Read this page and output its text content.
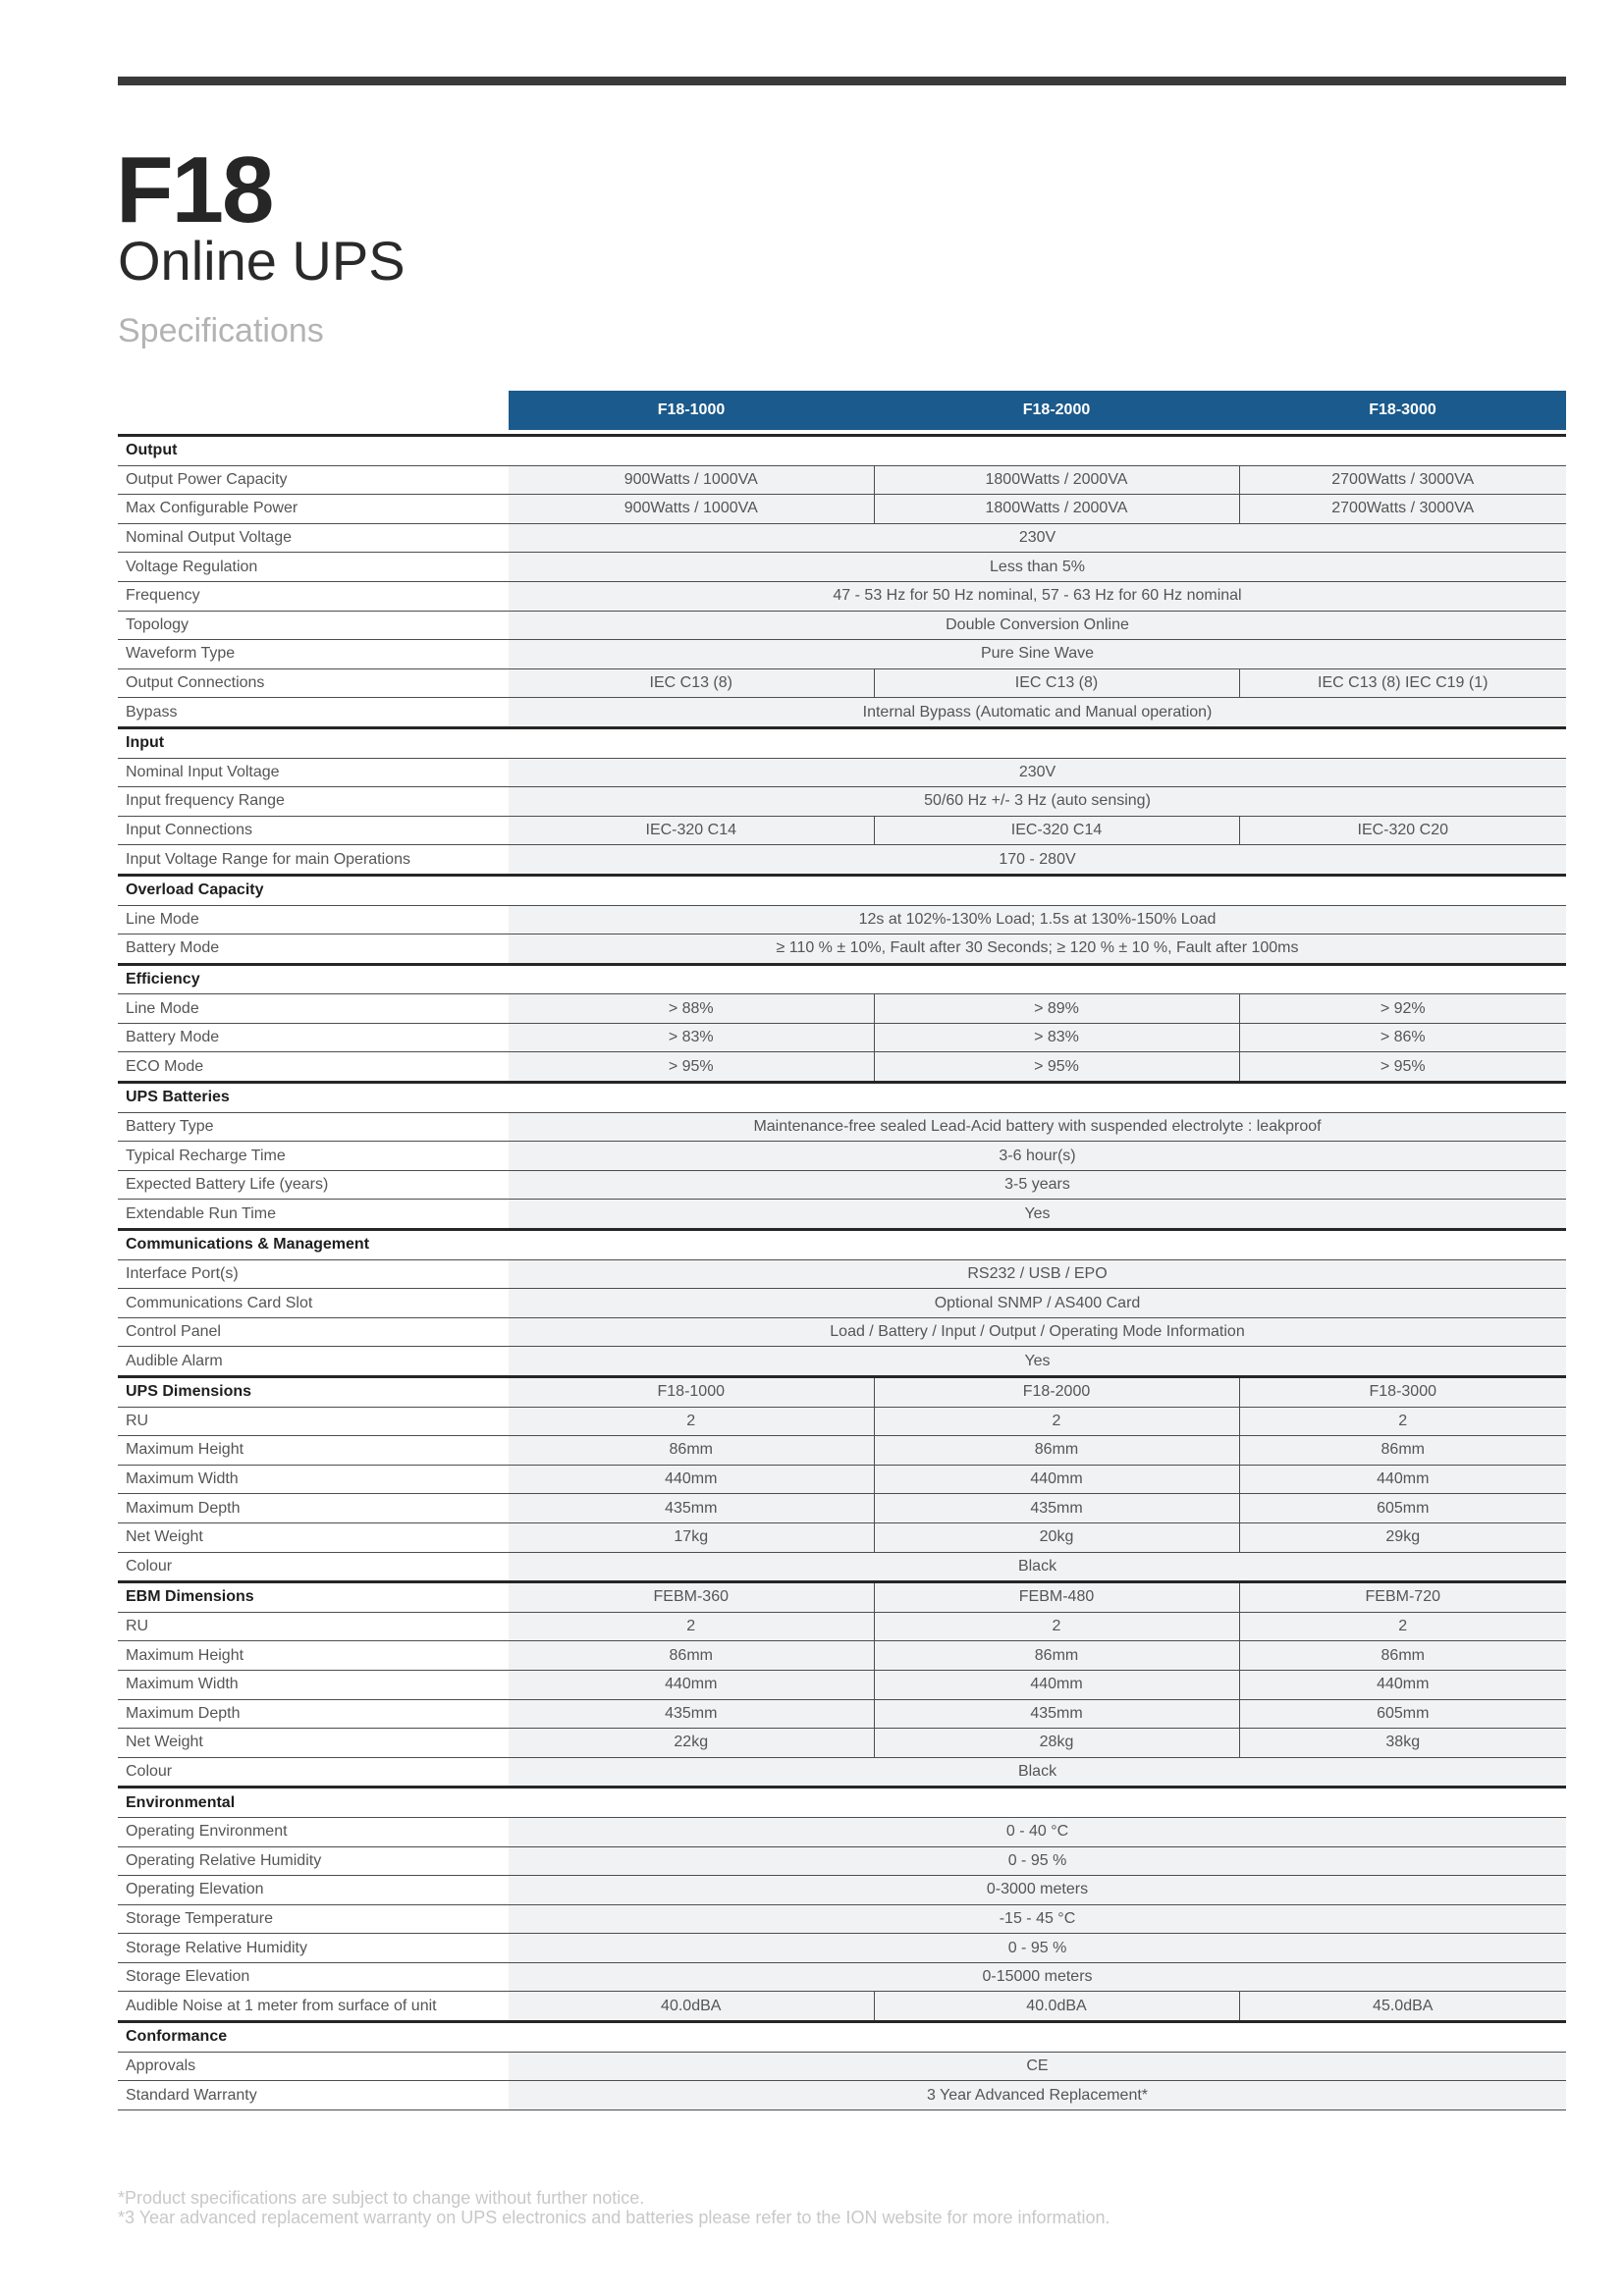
F18
Online UPS
Specifications
	F18-1000	F18-2000	F18-3000

Output			
Output Power Capacity	900Watts / 1000VA	1800Watts / 2000VA	2700Watts / 3000VA
Max Configurable Power	900Watts / 1000VA	1800Watts / 2000VA	2700Watts / 3000VA
Nominal Output Voltage	230V		
Voltage Regulation	Less than 5%		
Frequency	47 - 53 Hz for 50 Hz nominal, 57 - 63 Hz for 60 Hz nominal		
Topology	Double Conversion Online		
Waveform Type	Pure Sine Wave		
Output Connections	IEC C13 (8)	IEC C13 (8)	IEC C13 (8) IEC C19 (1)
Bypass	Internal Bypass (Automatic and Manual operation)		
Input			
Nominal Input Voltage	230V		
Input frequency Range	50/60 Hz +/- 3 Hz (auto sensing)		
Input Connections	IEC-320 C14	IEC-320 C14	IEC-320 C20
Input Voltage Range for main Operations	170 - 280V		
Overload Capacity			
Line Mode	12s at 102%-130% Load; 1.5s at 130%-150% Load		
Battery Mode	≥ 110 % ± 10%, Fault after 30 Seconds; ≥ 120 % ± 10 %, Fault after 100ms		
Efficiency			
Line Mode	> 88%	> 89%	> 92%
Battery Mode	> 83%	> 83%	> 86%
ECO Mode	> 95%	> 95%	> 95%
UPS Batteries			
Battery Type	Maintenance-free sealed Lead-Acid battery with suspended electrolyte : leakproof		
Typical Recharge Time	3-6 hour(s)		
Expected Battery Life (years)	3-5 years		
Extendable Run Time	Yes		
Communications & Management			
Interface Port(s)	RS232 / USB / EPO		
Communications Card Slot	Optional SNMP / AS400 Card		
Control Panel	Load / Battery / Input / Output / Operating Mode Information		
Audible Alarm	Yes		
UPS Dimensions	F18-1000	F18-2000	F18-3000
RU	2	2	2
Maximum Height	86mm	86mm	86mm
Maximum Width	440mm	440mm	440mm
Maximum Depth	435mm	435mm	605mm
Net Weight	17kg	20kg	29kg
Colour	Black		
EBM Dimensions	FEBM-360	FEBM-480	FEBM-720
RU	2	2	2
Maximum Height	86mm	86mm	86mm
Maximum Width	440mm	440mm	440mm
Maximum Depth	435mm	435mm	605mm
Net Weight	22kg	28kg	38kg
Colour	Black		
Environmental			
Operating Environment	0 - 40 °C		
Operating Relative Humidity	0 - 95 %		
Operating Elevation	0-3000 meters		
Storage Temperature	-15 - 45 °C		
Storage Relative Humidity	0 - 95 %		
Storage Elevation	0-15000 meters		
Audible Noise at 1 meter from surface of unit	40.0dBA	40.0dBA	45.0dBA
Conformance			
Approvals	CE		
Standard Warranty	3 Year Advanced Replacement*		
*Product specifications are subject to change without further notice.
*3 Year advanced replacement warranty on UPS electronics and batteries please refer to the ION website for more information.
